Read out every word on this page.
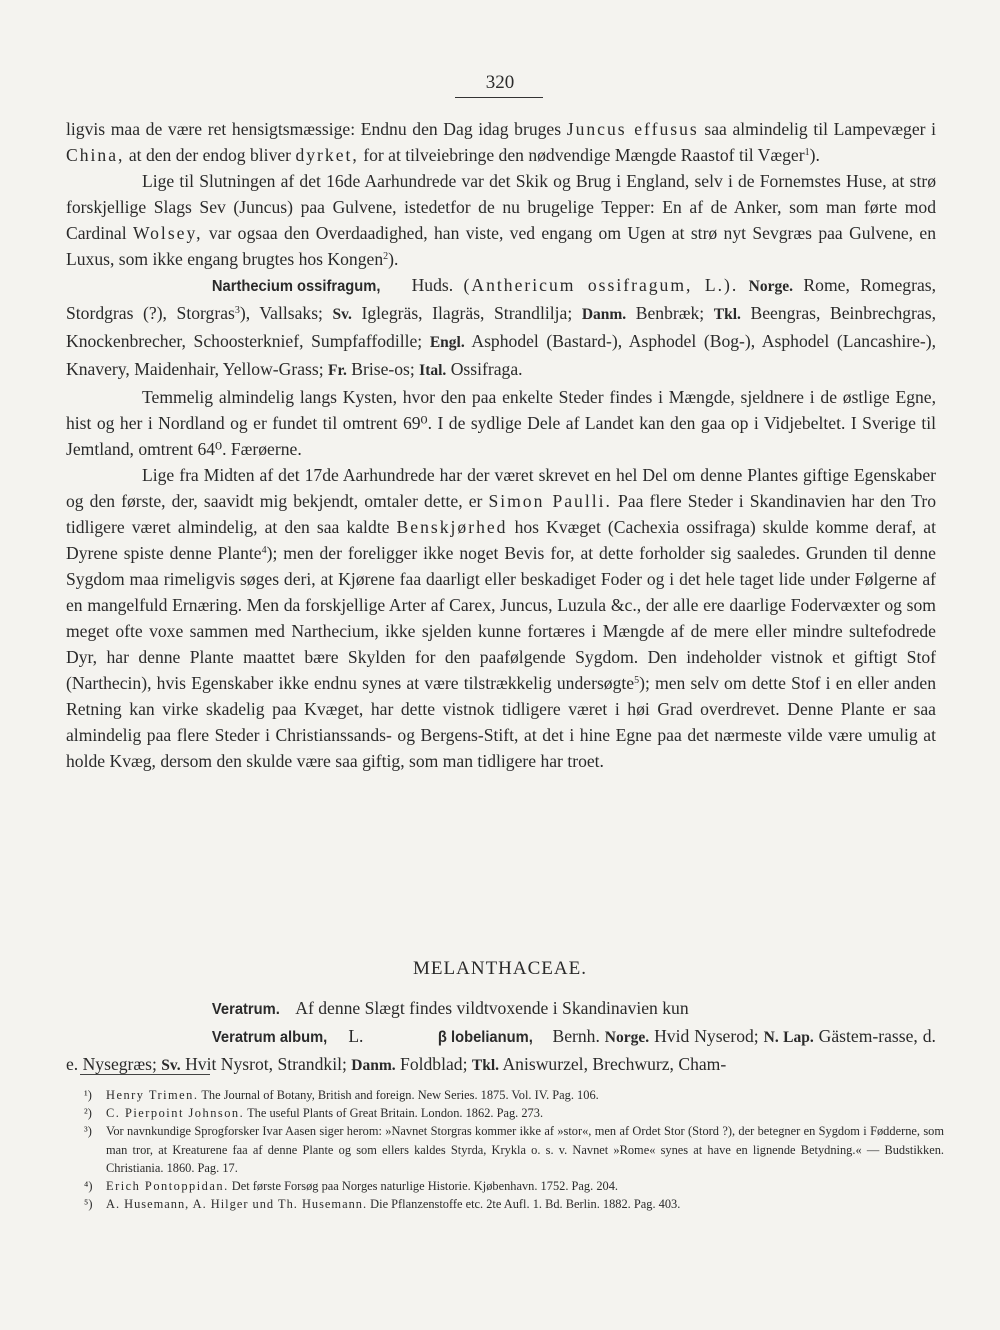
320

ligvis maa de være ret hensigtsmæssige: Endnu den Dag idag bruges Juncus effusus saa almindelig til Lampevæger i China, at den der endog bliver dyrket, for at tilveiebringe den nødvendige Mængde Raastof til Væger$^1$).

Lige til Slutningen af det 16de Aarhundrede var det Skik og Brug i England, selv i de Fornemstes Huse, at strø forskjellige Slags Sev (Juncus) paa Gulvene, istedetfor de nu brugelige Tepper: En af de Anker, som man førte mod Cardinal Wolsey, var ogsaa den Overdaadighed, han viste, ved engang om Ugen at strø nyt Sevgræs paa Gulvene, en Luxus, som ikke engang brugtes hos Kongen$^2$).

Narthecium ossifragum, Huds. (Anthericum ossifragum, L.). Norge. Rome, Romegras, Stordgras (?), Storgras$^3$), Vallsaks; Sv. Iglegräs, Ilagräs, Strandlilja; Danm. Benbræk; Tkl. Beengras, Beinbrechgras, Knockenbrecher, Schoosterknief, Sumpfaffodille; Engl. Asphodel (Bastard-), Asphodel (Bog-), Asphodel (Lancashire-), Knavery, Maidenhair, Yellow-Grass; Fr. Brise-os; Ital. Ossifraga.

Temmelig almindelig langs Kysten, hvor den paa enkelte Steder findes i Mængde, sjeldnere i de østlige Egne, hist og her i Nordland og er fundet til omtrent 69⁰. I de sydlige Dele af Landet kan den gaa op i Vidjebeltet. I Sverige til Jemtland, omtrent 64⁰. Færøerne.

Lige fra Midten af det 17de Aarhundrede har der været skrevet en hel Del om denne Plantes giftige Egenskaber og den første, der, saavidt mig bekjendt, omtaler dette, er Simon Paulli. Paa flere Steder i Skandinavien har den Tro tidligere været almindelig, at den saa kaldte Benskjørhed hos Kvæget (Cachexia ossifraga) skulde komme deraf, at Dyrene spiste denne Plante$^4$); men der foreligger ikke noget Bevis for, at dette forholder sig saaledes. Grunden til denne Sygdom maa rimeligvis søges deri, at Kjørene faa daarligt eller beskadiget Foder og i det hele taget lide under Følgerne af en mangelfuld Ernæring. Men da forskjellige Arter af Carex, Juncus, Luzula &c., der alle ere daarlige Fodervæxter og som meget ofte voxe sammen med Narthecium, ikke sjelden kunne fortæres i Mængde af de mere eller mindre sultefodrede Dyr, har denne Plante maattet bære Skylden for den paafølgende Sygdom. Den indeholder vistnok et giftigt Stof (Narthecin), hvis Egenskaber ikke endnu synes at være tilstrækkelig undersøgte$^5$); men selv om dette Stof i en eller anden Retning kan virke skadelig paa Kvæget, har dette vistnok tidligere været i høi Grad overdrevet. Denne Plante er saa almindelig paa flere Steder i Christianssands- og Bergens-Stift, at det i hine Egne paa det nærmeste vilde være umulig at holde Kvæg, dersom den skulde være saa giftig, som man tidligere har troet.

MELANTHACEAE.

Veratrum. Af denne Slægt findes vildtvoxende i Skandinavien kun

Veratrum album, L.	β lobelianum, Bernh. Norge. Hvid Nyserod; N. Lap. Gästem-rasse, d. e. Nysegræs; Sv. Hvit Nysrot, Strandkil; Danm. Foldblad; Tkl. Aniswurzel, Brechwurz, Cham-

¹)	Henry Trimen. The Journal of Botany, British and foreign. New Series. 1875. Vol. IV. Pag. 106.
²)	C. Pierpoint Johnson. The useful Plants of Great Britain. London. 1862. Pag. 273.
³)	Vor navnkundige Sprogforsker Ivar Aasen siger herom: »Navnet Storgras kommer ikke af »stor«, men af Ordet Stor (Stord ?), der betegner en Sygdom i Fødderne, som man tror, at Kreaturene faa af denne Plante og som ellers kaldes Styrda, Krykla o. s. v. Navnet »Rome« synes at have en lignende Betydning.« — Budstikken. Christiania. 1860. Pag. 17.
⁴)	Erich Pontoppidan. Det første Forsøg paa Norges naturlige Historie. Kjøbenhavn. 1752. Pag. 204.
⁵)	A. Husemann, A. Hilger und Th. Husemann. Die Pflanzenstoffe etc. 2te Aufl. 1. Bd. Berlin. 1882. Pag. 403.
